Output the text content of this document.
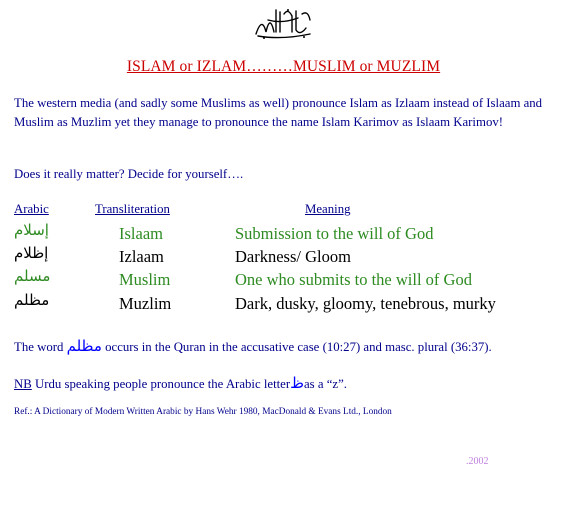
ISLAM or IZLAM………MUSLIM or MUZLIM
The western media (and sadly some Muslims as well) pronounce Islam as Izlaam instead of Islaam and Muslim as Muzlim yet they manage to pronounce the name Islam Karimov as Islaam Karimov!
Does it really matter? Decide for yourself….
Arabic	Transliteration	Meaning
إسلام	Islaam	Submission to the will of God
إظلام	Izlaam	Darkness/ Gloom
مسلم	Muslim	One who submits to the will of God
مظلم	Muzlim	Dark, dusky, gloomy, tenebrous, murky
The word مظلم occurs in the Quran in the accusative case (10:27) and masc. plural (36:37).
NB Urdu speaking people pronounce the Arabic letterظas a “z”.
Ref.: A Dictionary of Modern Written Arabic by Hans Wehr 1980, MacDonald & Evans Ltd., London
.2002
